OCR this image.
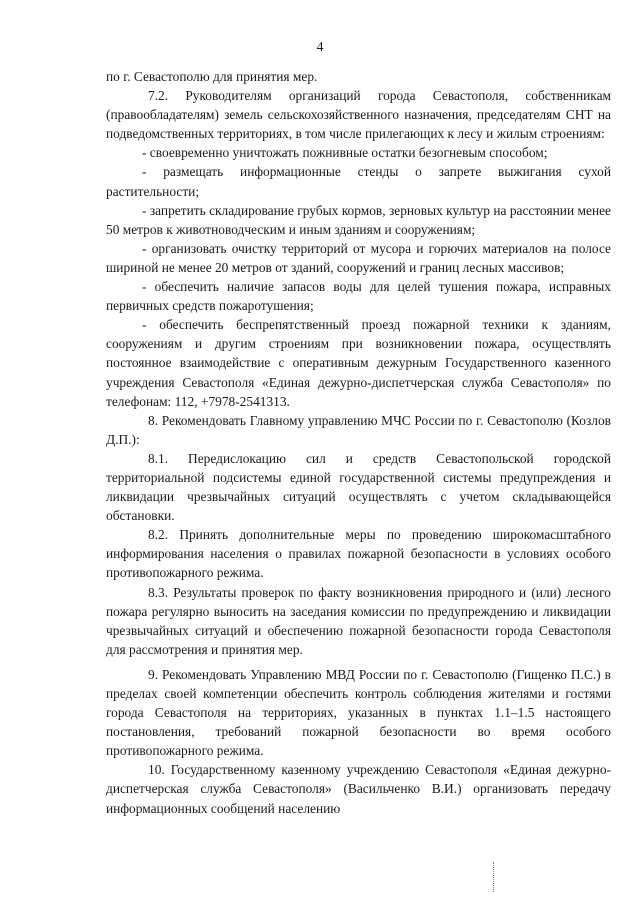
4

по г. Севастополю для принятия мер.

7.2. Руководителям организаций города Севастополя, собственникам (правообладателям) земель сельскохозяйственного назначения, председателям СНТ на подведомственных территориях, в том числе прилегающих к лесу и жилым строениям:

- своевременно уничтожать пожнивные остатки безогневым способом;

- размещать информационные стенды о запрете выжигания сухой растительности;

- запретить складирование грубых кормов, зерновых культур на расстоянии менее 50 метров к животноводческим и иным зданиям и сооружениям;

- организовать очистку территорий от мусора и горючих материалов на полосе шириной не менее 20 метров от зданий, сооружений и границ лесных массивов;

- обеспечить наличие запасов воды для целей тушения пожара, исправных первичных средств пожаротушения;

- обеспечить беспрепятственный проезд пожарной техники к зданиям, сооружениям и другим строениям при возникновении пожара, осуществлять постоянное взаимодействие с оперативным дежурным Государственного казенного учреждения Севастополя «Единая дежурно-диспетчерская служба Севастополя» по телефонам: 112, +7978-2541313.

8. Рекомендовать Главному управлению МЧС России по г. Севастополю (Козлов Д.П.):

8.1. Передислокацию сил и средств Севастопольской городской территориальной подсистемы единой государственной системы предупреждения и ликвидации чрезвычайных ситуаций осуществлять с учетом складывающейся обстановки.

8.2. Принять дополнительные меры по проведению широкомасштабного информирования населения о правилах пожарной безопасности в условиях особого противопожарного режима.

8.3. Результаты проверок по факту возникновения природного и (или) лесного пожара регулярно выносить на заседания комиссии по предупреждению и ликвидации чрезвычайных ситуаций и обеспечению пожарной безопасности города Севастополя для рассмотрения и принятия мер.

9. Рекомендовать Управлению МВД России по г. Севастополю (Гищенко П.С.) в пределах своей компетенции обеспечить контроль соблюдения жителями и гостями города Севастополя на территориях, указанных в пунктах 1.1–1.5 настоящего постановления, требований пожарной безопасности во время особого противопожарного режима.

10. Государственному казенному учреждению Севастополя «Единая дежурно-диспетчерская служба Севастополя» (Васильченко В.И.) организовать передачу информационных сообщений населению
